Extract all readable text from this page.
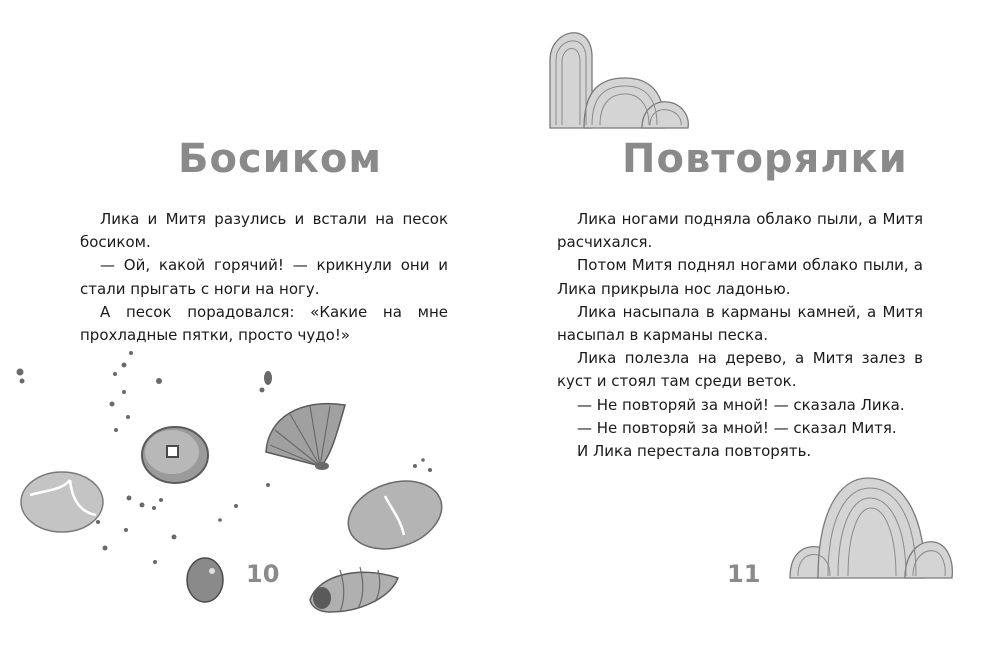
Босиком

Лика и Митя разулись и встали на песок босиком.

— Ой, какой горячий! — крикнули они и стали прыгать с ноги на ногу.

А песок порадовался: «Какие на мне прохладные пятки, просто чудо!»

10
Повторялки

Лика ногами подняла облако пыли, а Митя расчихался.

Потом Митя поднял ногами облако пыли, а Лика прикрыла нос ладонью.

Лика насыпала в карманы камней, а Митя насыпал в карманы песка.

Лика полезла на дерево, а Митя залез в куст и стоял там среди веток.

— Не повторяй за мной! — сказала Лика.

— Не повторяй за мной! — сказал Митя.

И Лика перестала повторять.

11
